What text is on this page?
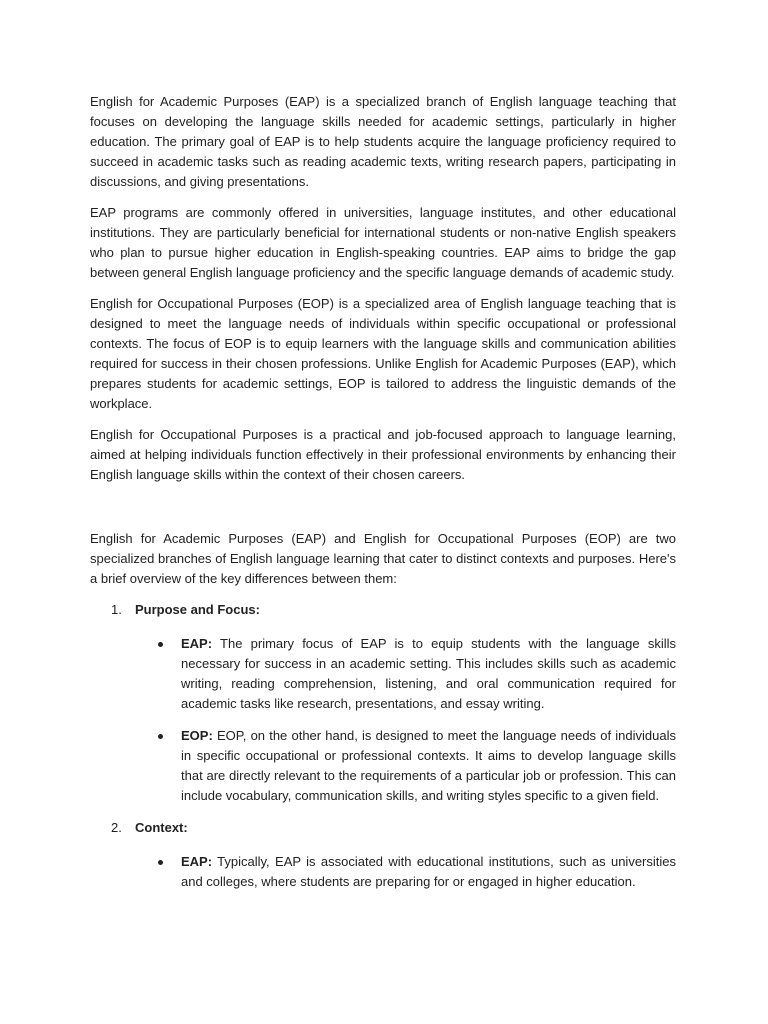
English for Academic Purposes (EAP) is a specialized branch of English language teaching that focuses on developing the language skills needed for academic settings, particularly in higher education. The primary goal of EAP is to help students acquire the language proficiency required to succeed in academic tasks such as reading academic texts, writing research papers, participating in discussions, and giving presentations.

EAP programs are commonly offered in universities, language institutes, and other educational institutions. They are particularly beneficial for international students or non-native English speakers who plan to pursue higher education in English-speaking countries. EAP aims to bridge the gap between general English language proficiency and the specific language demands of academic study.

English for Occupational Purposes (EOP) is a specialized area of English language teaching that is designed to meet the language needs of individuals within specific occupational or professional contexts. The focus of EOP is to equip learners with the language skills and communication abilities required for success in their chosen professions. Unlike English for Academic Purposes (EAP), which prepares students for academic settings, EOP is tailored to address the linguistic demands of the workplace.

English for Occupational Purposes is a practical and job-focused approach to language learning, aimed at helping individuals function effectively in their professional environments by enhancing their English language skills within the context of their chosen careers.

English for Academic Purposes (EAP) and English for Occupational Purposes (EOP) are two specialized branches of English language learning that cater to distinct contexts and purposes. Here's a brief overview of the key differences between them:

1. Purpose and Focus:
EAP: The primary focus of EAP is to equip students with the language skills necessary for success in an academic setting. This includes skills such as academic writing, reading comprehension, listening, and oral communication required for academic tasks like research, presentations, and essay writing.
EOP: EOP, on the other hand, is designed to meet the language needs of individuals in specific occupational or professional contexts. It aims to develop language skills that are directly relevant to the requirements of a particular job or profession. This can include vocabulary, communication skills, and writing styles specific to a given field.
2. Context:
EAP: Typically, EAP is associated with educational institutions, such as universities and colleges, where students are preparing for or engaged in higher education.
